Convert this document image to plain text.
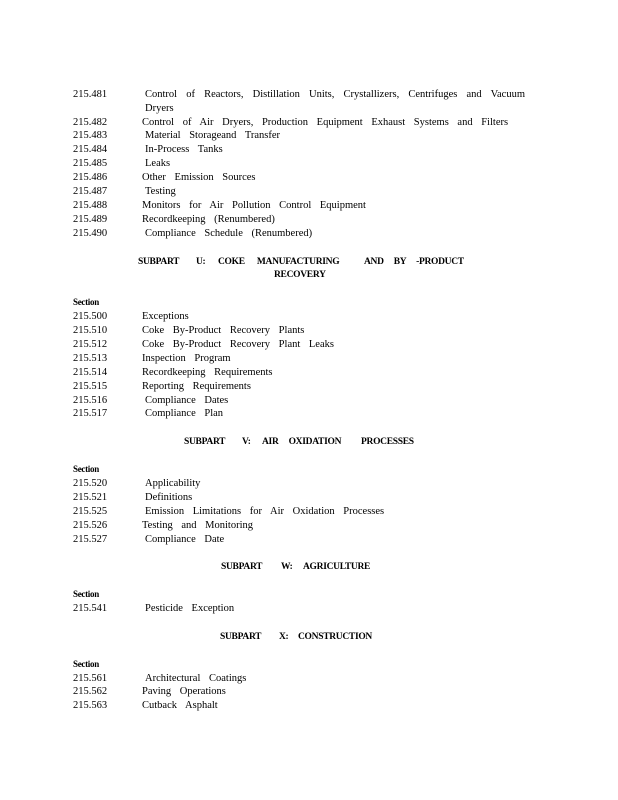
215.481	Control of Reactors, Distillation Units, Crystallizers, Centrifuges and Vacuum Dryers
215.482	Control of Air Dryers, Production Equipment Exhaust Systems and Filters
215.483	Material Storageand Transfer
215.484	In-Process Tanks
215.485	Leaks
215.486	Other Emission Sources
215.487	Testing
215.488	Monitors for Air Pollution Control Equipment
215.489	Recordkeeping (Renumbered)
215.490	Compliance Schedule (Renumbered)
SUBPART U: COKE MANUFACTURING	AND BY -PRODUCT
RECOVERY
Section
215.500	Exceptions
215.510	Coke By-Product Recovery Plants
215.512	Coke By-Product Recovery Plant Leaks
215.513	Inspection Program
215.514	Recordkeeping Requirements
215.515	Reporting Requirements
215.516	Compliance Dates
215.517	Compliance Plan
SUBPART V: AIR OXIDATION PROCESSES
Section
215.520	Applicability
215.521	Definitions
215.525	Emission Limitations for Air Oxidation Processes
215.526	Testing and Monitoring
215.527	Compliance Date
SUBPART W: AGRICULTURE
Section
215.541	Pesticide Exception
SUBPART X: CONSTRUCTION
Section
215.561	Architectural Coatings
215.562	Paving Operations
215.563	Cutback Asphalt
